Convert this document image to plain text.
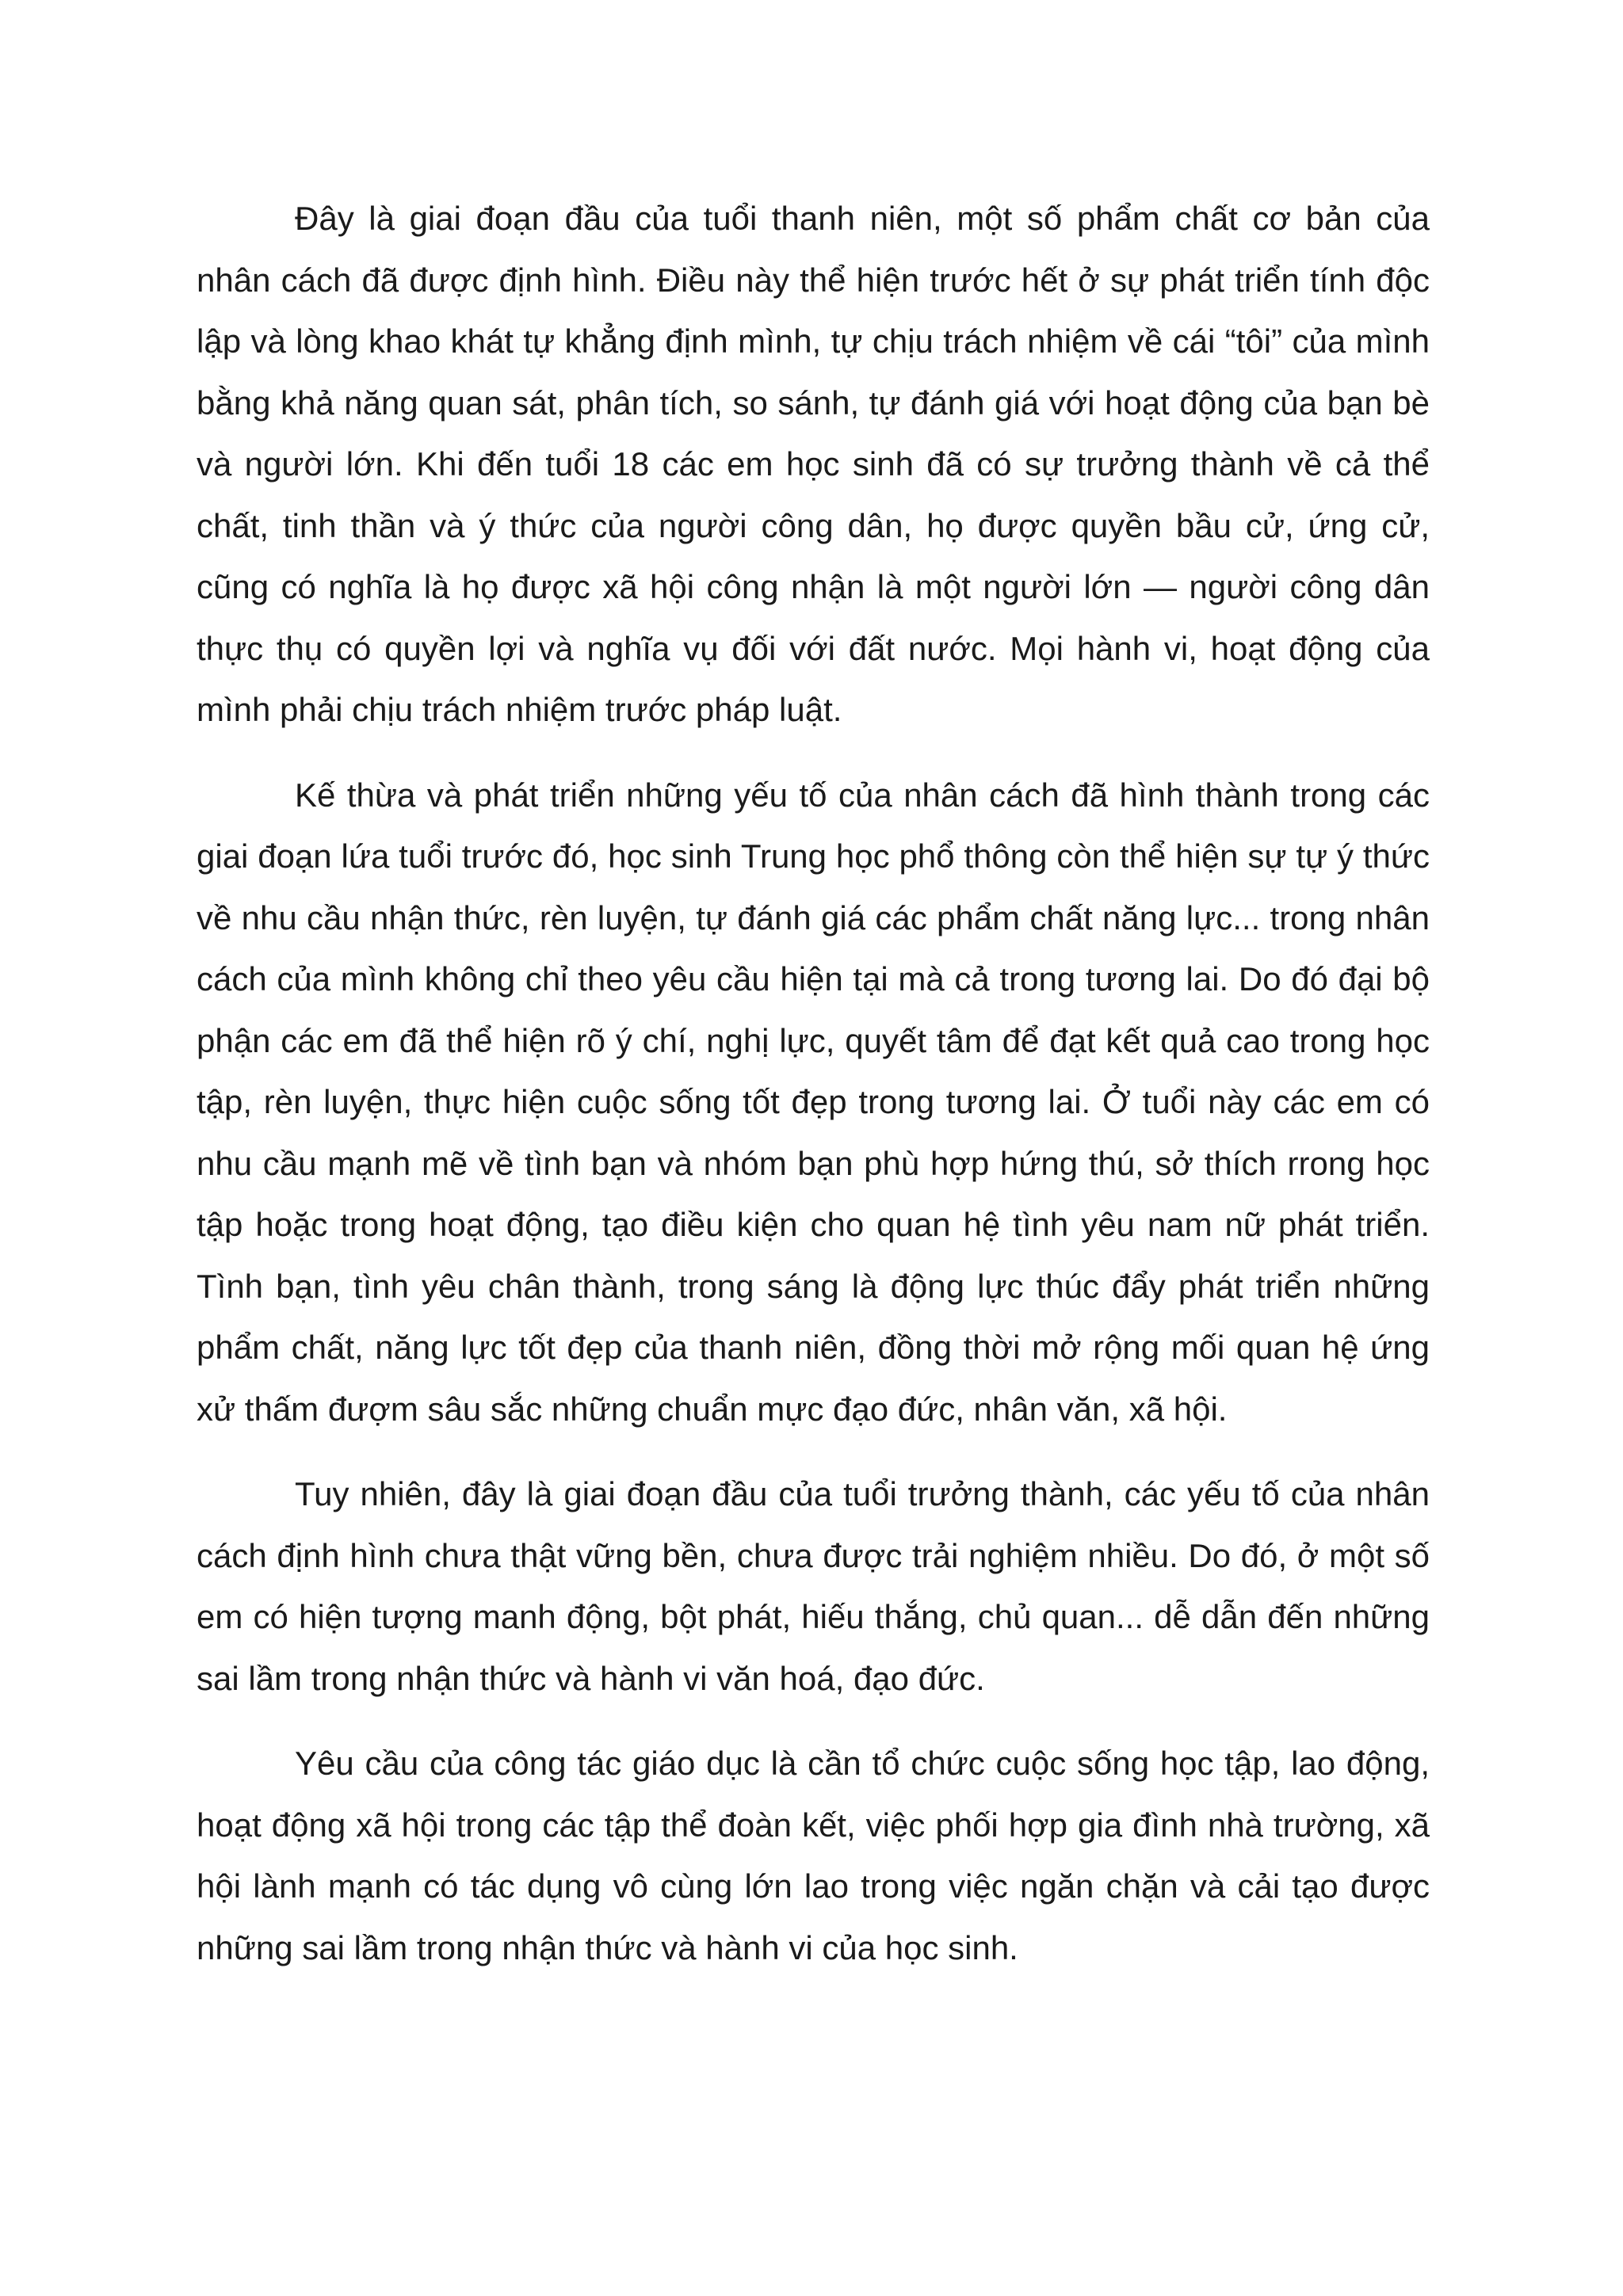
Đây là giai đoạn đầu của tuổi thanh niên, một số phẩm chất cơ bản của nhân cách đã được định hình. Điều này thể hiện trước hết ở sự phát triển tính độc lập và lòng khao khát tự khẳng định mình, tự chịu trách nhiệm về cái “tôi” của mình bằng khả năng quan sát, phân tích, so sánh, tự đánh giá với hoạt động của bạn bè và người lớn. Khi đến tuổi 18 các em học sinh đã có sự trưởng thành về cả thể chất, tinh thần và ý thức của người công dân, họ được quyền bầu cử, ứng cử, cũng có nghĩa là họ được xã hội công nhận là một người lớn — người công dân thực thụ có quyền lợi và nghĩa vụ đối với đất nước. Mọi hành vi, hoạt động của mình phải chịu trách nhiệm trước pháp luật.

Kế thừa và phát triển những yếu tố của nhân cách đã hình thành trong các giai đoạn lứa tuổi trước đó, học sinh Trung học phổ thông còn thể hiện sự tự ý thức về nhu cầu nhận thức, rèn luyện, tự đánh giá các phẩm chất năng lực... trong nhân cách của mình không chỉ theo yêu cầu hiện tại mà cả trong tương lai. Do đó đại bộ phận các em đã thể hiện rõ ý chí, nghị lực, quyết tâm để đạt kết quả cao trong học tập, rèn luyện, thực hiện cuộc sống tốt đẹp trong tương lai. Ở tuổi này các em có nhu cầu mạnh mẽ về tình bạn và nhóm bạn phù hợp hứng thú, sở thích rrong học tập hoặc trong hoạt động, tạo điều kiện cho quan hệ tình yêu nam nữ phát triển. Tình bạn, tình yêu chân thành, trong sáng là động lực thúc đẩy phát triển những phẩm chất, năng lực tốt đẹp của thanh niên, đồng thời mở rộng mối quan hệ ứng xử thấm đượm sâu sắc những chuẩn mực đạo đức, nhân văn, xã hội.

Tuy nhiên, đây là giai đoạn đầu của tuổi trưởng thành, các yếu tố của nhân cách định hình chưa thật vững bền, chưa được trải nghiệm nhiều. Do đó, ở một số em có hiện tượng manh động, bột phát, hiếu thắng, chủ quan... dễ dẫn đến những sai lầm trong nhận thức và hành vi văn hoá, đạo đức.

Yêu cầu của công tác giáo dục là cần tổ chức cuộc sống học tập, lao động, hoạt động xã hội trong các tập thể đoàn kết, việc phối hợp gia đình nhà trường, xã hội lành mạnh có tác dụng vô cùng lớn lao trong việc ngăn chặn và cải tạo được những sai lầm trong nhận thức và hành vi của học sinh.
